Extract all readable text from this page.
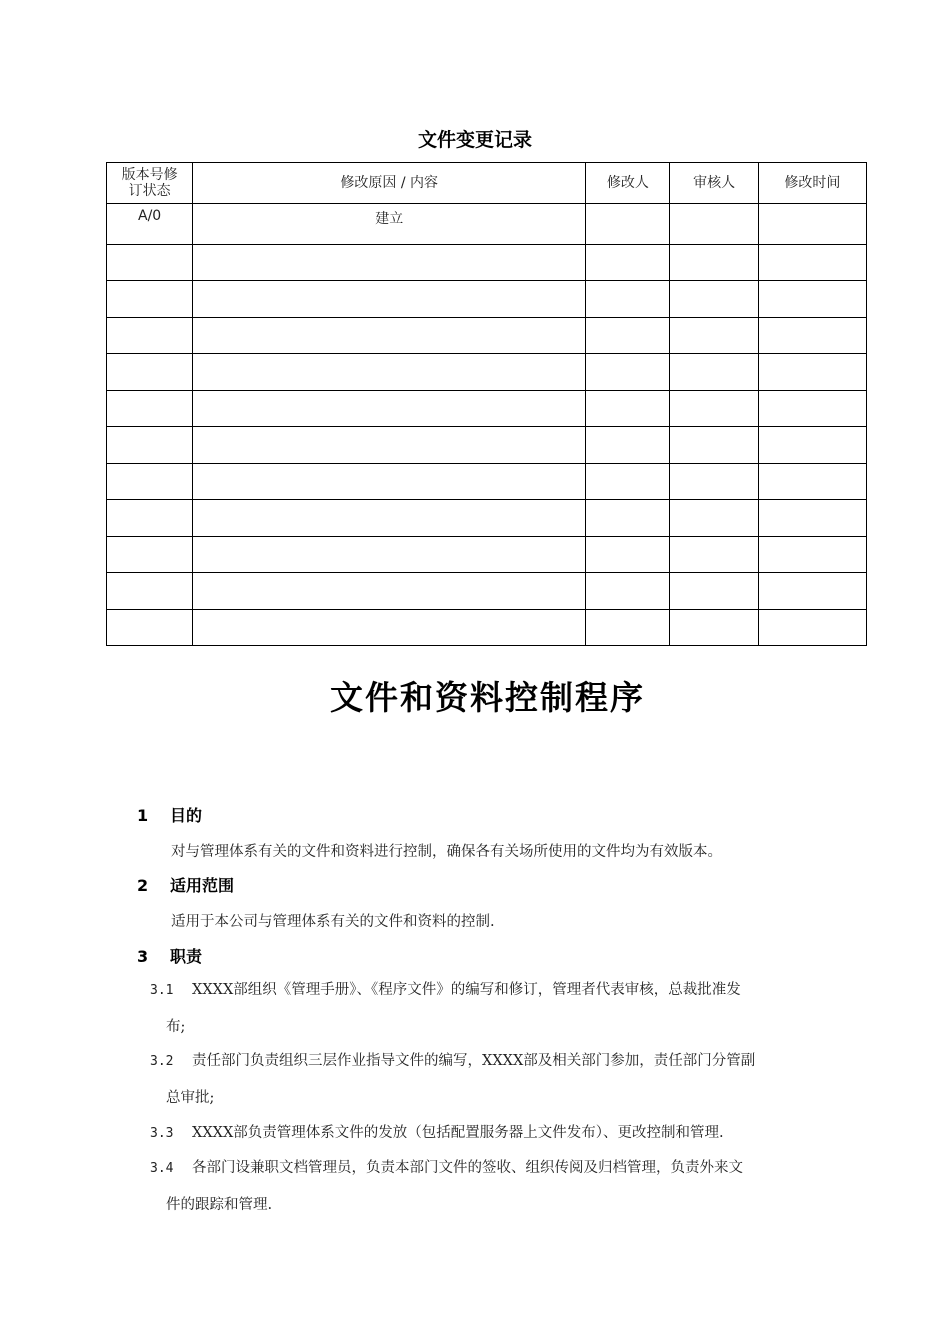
文件变更记录
版本号修订状态	修改原因 / 内容	修改人	审核人	修改时间
A/0	建立			

文件和资料控制程序
1 目的
对与管理体系有关的文件和资料进行控制，确保各有关场所使用的文件均为有效版本。
2 适用范围
适用于本公司与管理体系有关的文件和资料的控制.
3 职责
3.1 XXXX部组织《管理手册》、《程序文件》的编写和修订，管理者代表审核，总裁批准发
布;
3.2 责任部门负责组织三层作业指导文件的编写，XXXX部及相关部门参加，责任部门分管副
总审批;
3.3 XXXX部负责管理体系文件的发放（包括配置服务器上文件发布）、更改控制和管理.
3.4 各部门设兼职文档管理员，负责本部门文件的签收、组织传阅及归档管理，负责外来文
件的跟踪和管理.
